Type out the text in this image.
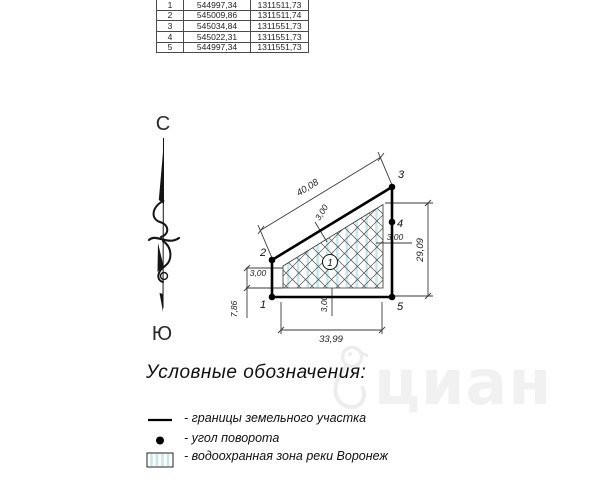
циан
1	544997,34	1311511,73
2	545009,86	1311511,74
3	545034,84	1311551,73
4	545022,31	1311551,73
5	544997,34	1311551,73
С
Ю
1
2
3
4
5
1
40,08
3,00
3,00
29,09
3,00
7,86	3,00
33,99
Условные обозначения:
- границы земельного участка
- угол поворота
- водоохранная зона реки Воронеж
